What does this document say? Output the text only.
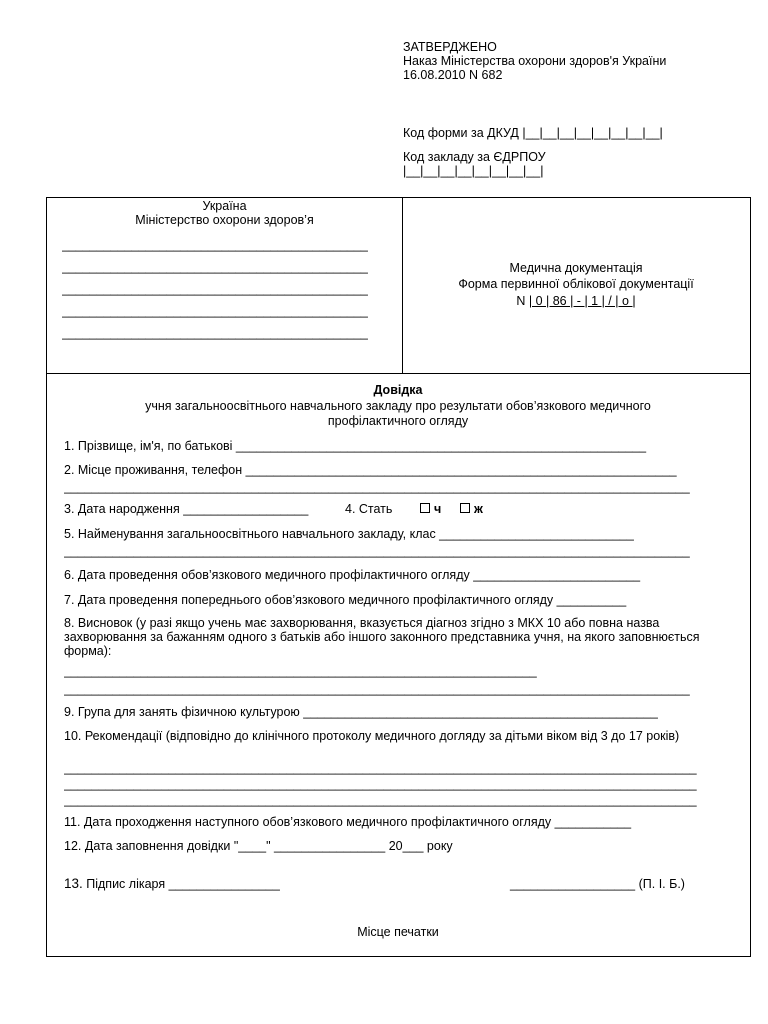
ЗАТВЕРДЖЕНО
Наказ Міністерства охорони здоров'я України
16.08.2010 N 682
Код форми за ДКУД |__|__|__|__|__|__|__|__|
Код закладу за ЄДРПОУ
|__|__|__|__|__|__|__|__|
Україна
Міністерство охорони здоров’я
____________________________________________
____________________________________________
____________________________________________
____________________________________________
____________________________________________
Медична документація
Форма первинної облікової документації
N | 0 | 86 | - | 1 | / | о |
Довідка
учня загальноосвітнього навчального закладу про результати обов’язкового медичного
профілактичного огляду
1. Прізвище, ім'я, по батькові ___________________________________________________________
2. Місце проживання, телефон ______________________________________________________________
__________________________________________________________________________________________
3. Дата народження __________________	4. Стать	ч	ж
5. Найменування загальноосвітнього навчального закладу, клас ____________________________
__________________________________________________________________________________________
6. Дата проведення обов’язкового медичного профілактичного огляду ________________________
7. Дата проведення попереднього обов’язкового медичного профілактичного огляду __________
8. Висновок (у разі якщо учень має захворювання, вказується діагноз згідно з МКХ 10 або повна назва захворювання за бажанням одного з батьків або іншого законного представника учня, на якого заповнюється форма):
____________________________________________________________________
__________________________________________________________________________________________
9. Група для занять фізичною культурою ___________________________________________________
10. Рекомендації (відповідно до клінічного протоколу медичного догляду за дітьми віком від 3 до 17 років)
___________________________________________________________________________________________
___________________________________________________________________________________________
___________________________________________________________________________________________
11. Дата проходження наступного обов’язкового медичного профілактичного огляду ___________
12. Дата заповнення довідки "____" ________________ 20___ року
13. Підпис лікаря ________________	__________________ (П. І. Б.)
Місце печатки
